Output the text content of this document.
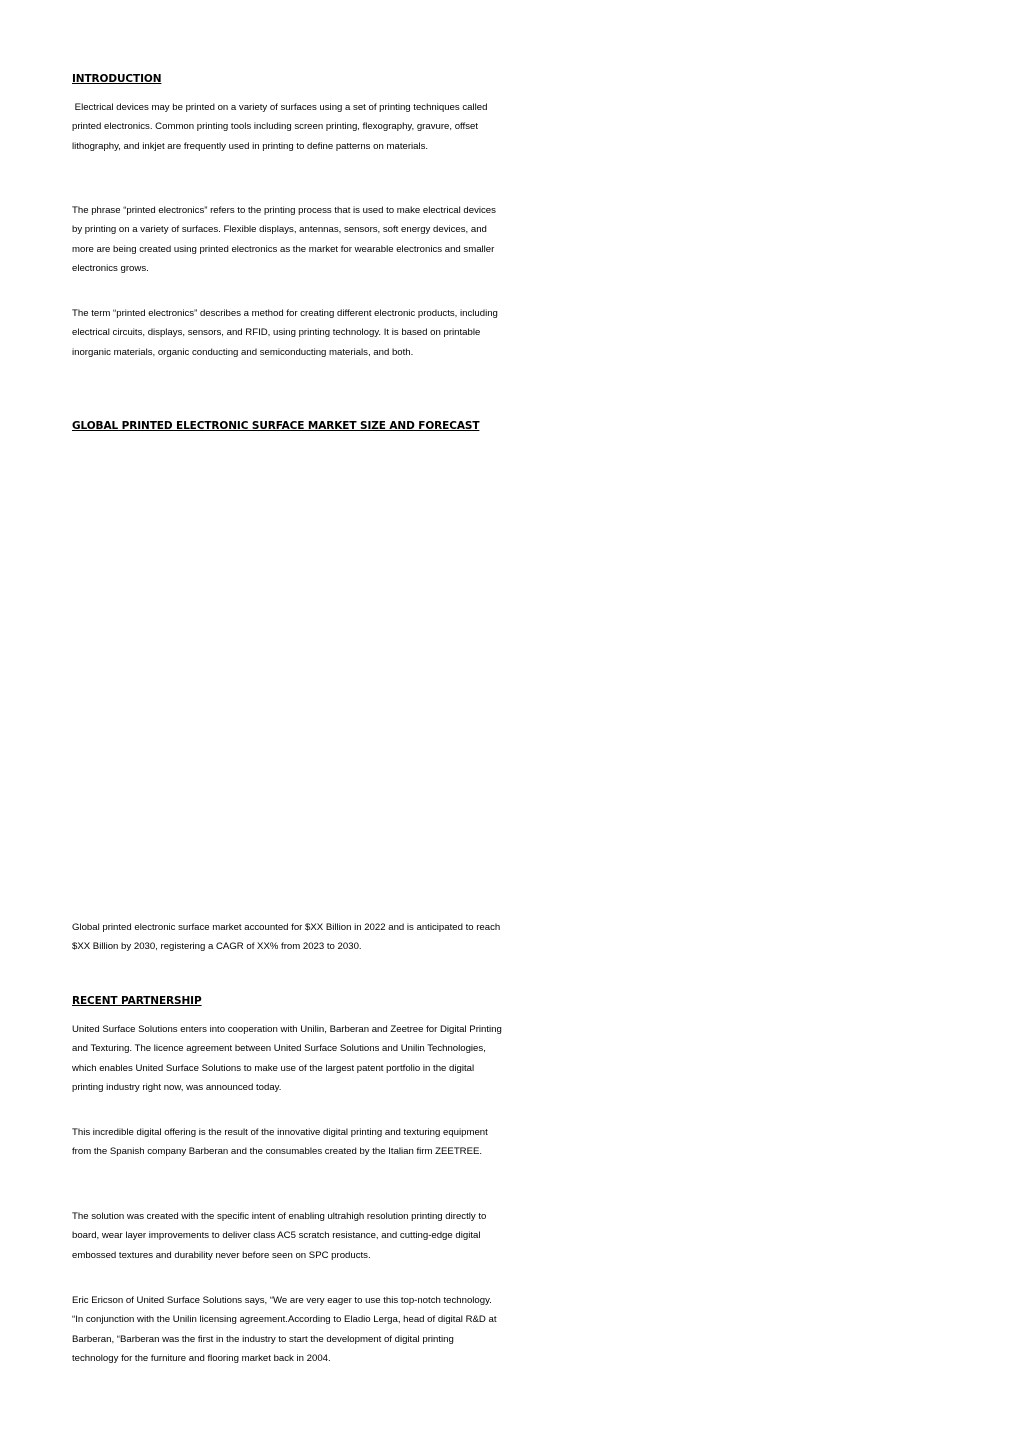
INTRODUCTION

Electrical devices may be printed on a variety of surfaces using a set of printing techniques called printed electronics. Common printing tools including screen printing, flexography, gravure, offset lithography, and inkjet are frequently used in printing to define patterns on materials.

The phrase “printed electronics” refers to the printing process that is used to make electrical devices by printing on a variety of surfaces. Flexible displays, antennas, sensors, soft energy devices, and more are being created using printed electronics as the market for wearable electronics and smaller electronics grows.

The term “printed electronics” describes a method for creating different electronic products, including electrical circuits, displays, sensors, and RFID, using printing technology. It is based on printable inorganic materials, organic conducting and semiconducting materials, and both.

GLOBAL PRINTED ELECTRONIC SURFACE MARKET SIZE AND FORECAST

Global printed electronic surface market accounted for $XX Billion in 2022 and is anticipated to reach $XX Billion by 2030, registering a CAGR of XX% from 2023 to 2030.

RECENT PARTNERSHIP

United Surface Solutions enters into cooperation with Unilin, Barberan and Zeetree for Digital Printing and Texturing. The licence agreement between United Surface Solutions and Unilin Technologies, which enables United Surface Solutions to make use of the largest patent portfolio in the digital printing industry right now, was announced today.

This incredible digital offering is the result of the innovative digital printing and texturing equipment from the Spanish company Barberan and the consumables created by the Italian firm ZEETREE.

The solution was created with the specific intent of enabling ultrahigh resolution printing directly to board, wear layer improvements to deliver class AC5 scratch resistance, and cutting-edge digital embossed textures and durability never before seen on SPC products.

Eric Ericson of United Surface Solutions says, “We are very eager to use this top-notch technology. “In conjunction with the Unilin licensing agreement.According to Eladio Lerga, head of digital R&D at Barberan, “Barberan was the first in the industry to start the development of digital printing technology for the furniture and flooring market back in 2004.
